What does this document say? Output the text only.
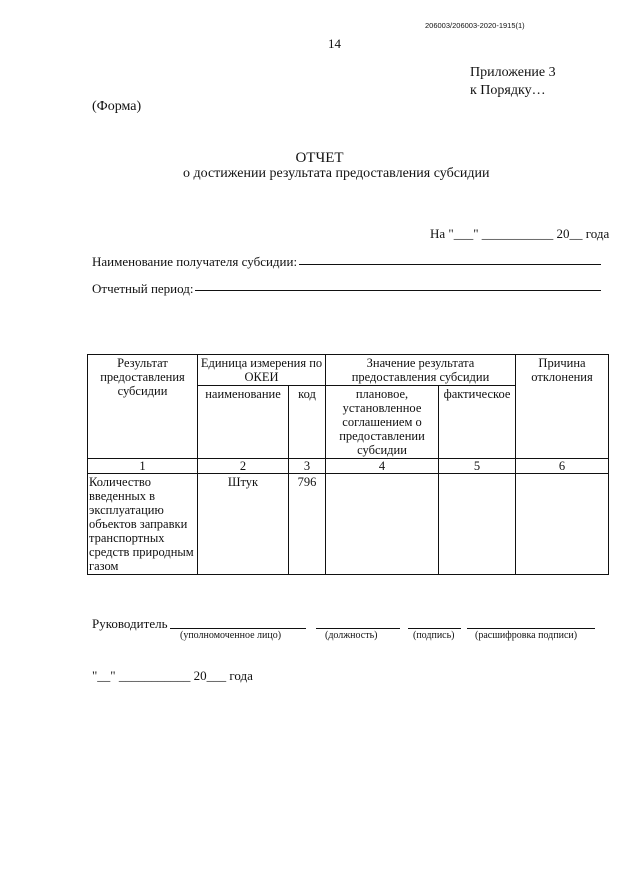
206003/206003-2020-1915(1)
14
Приложение 3
к Порядку…
(Форма)
ОТЧЕТ
о достижении результата предоставления субсидии
На "___" ___________ 20__ года
Наименование получателя субсидии:
Отчетный период:
Результат предоставления субсидии	Единица измерения по ОКЕИ		Значение результата предоставления субсидии		Причина отклонения
	наименование	код	плановое, установленное соглашением о предоставлении субсидии	фактическое	
1	2	3	4	5	6
Количество введенных в эксплуатацию объектов заправки транспортных средств природным газом	Штук	796			
Руководитель
(уполномоченное лицо)	(должность)	(подпись) (расшифровка подписи)
"__" ___________ 20___ года
